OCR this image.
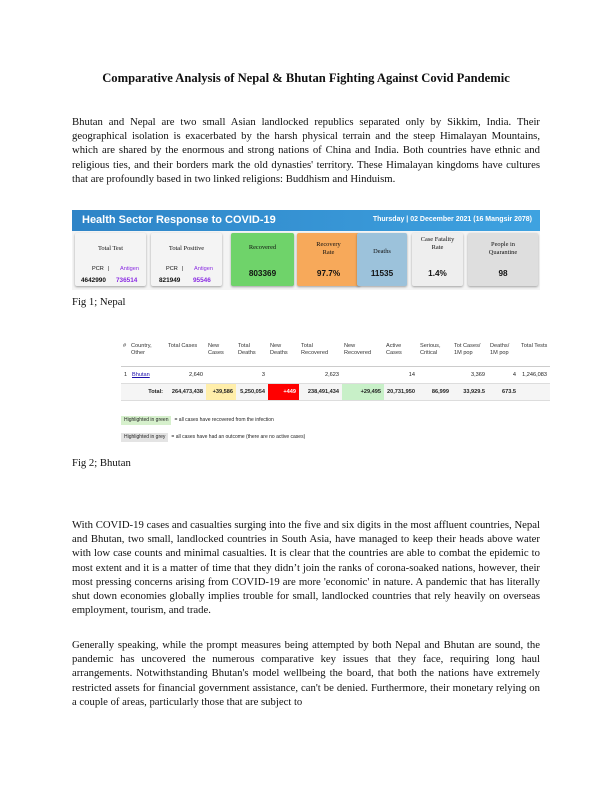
Comparative Analysis of Nepal & Bhutan Fighting Against Covid Pandemic

Bhutan and Nepal are two small Asian landlocked republics separated only by Sikkim, India. Their geographical isolation is exacerbated by the harsh physical terrain and the steep Himalayan Mountains, which are shared by the enormous and strong nations of China and India. Both countries have ethnic and religious ties, and their borders mark the old dynasties' territory. These Himalayan kingdoms have cultures that are profoundly based in two linked religions: Buddhism and Hinduism.

Health Sector Response to COVID-19	Thursday | 02 December 2021 (16 Mangsir 2078)
Total Test
PCR | Antigen
4642990 736514
Total Positive
PCR | Antigen
821949 95546
Recovered
803369
Recovery Rate
97.7%
Deaths
11535
Case Fatality Rate
1.4%
People in Quarantine
98
Fig 1; Nepal
#	Country, Other	Total Cases	New Cases	Total Deaths	New Deaths	Total Recovered	New Recovered	Active Cases	Serious, Critical	Tot Cases/ 1M pop	Deaths/ 1M pop	Total Tests
1	Bhutan	2,640		3		2,623		14		3,369	4	1,246,083
	Total:	264,473,438	+39,586	5,250,054	+449	238,491,434	+29,495	20,731,950	86,999	33,929.5	673.5	
Highlighted in green = all cases have recovered from the infection
Highlighted in grey = all cases have had an outcome (there are no active cases)
Fig 2; Bhutan

With COVID-19 cases and casualties surging into the five and six digits in the most affluent countries, Nepal and Bhutan, two small, landlocked countries in South Asia, have managed to keep their heads above water with low case counts and minimal casualties. It is clear that the countries are able to combat the epidemic to most extent and it is a matter of time that they didn’t join the ranks of corona-soaked nations, however, their most pressing concerns arising from COVID-19 are more 'economic' in nature. A pandemic that has literally shut down economies globally implies trouble for small, landlocked countries that rely heavily on overseas employment, tourism, and trade.

Generally speaking, while the prompt measures being attempted by both Nepal and Bhutan are sound, the pandemic has uncovered the numerous comparative key issues that they face, requiring long haul arrangements. Notwithstanding Bhutan's model wellbeing the board, that both the nations have extremely restricted assets for financial government assistance, can't be denied. Furthermore, their monetary relying on a couple of areas, particularly those that are subject to
